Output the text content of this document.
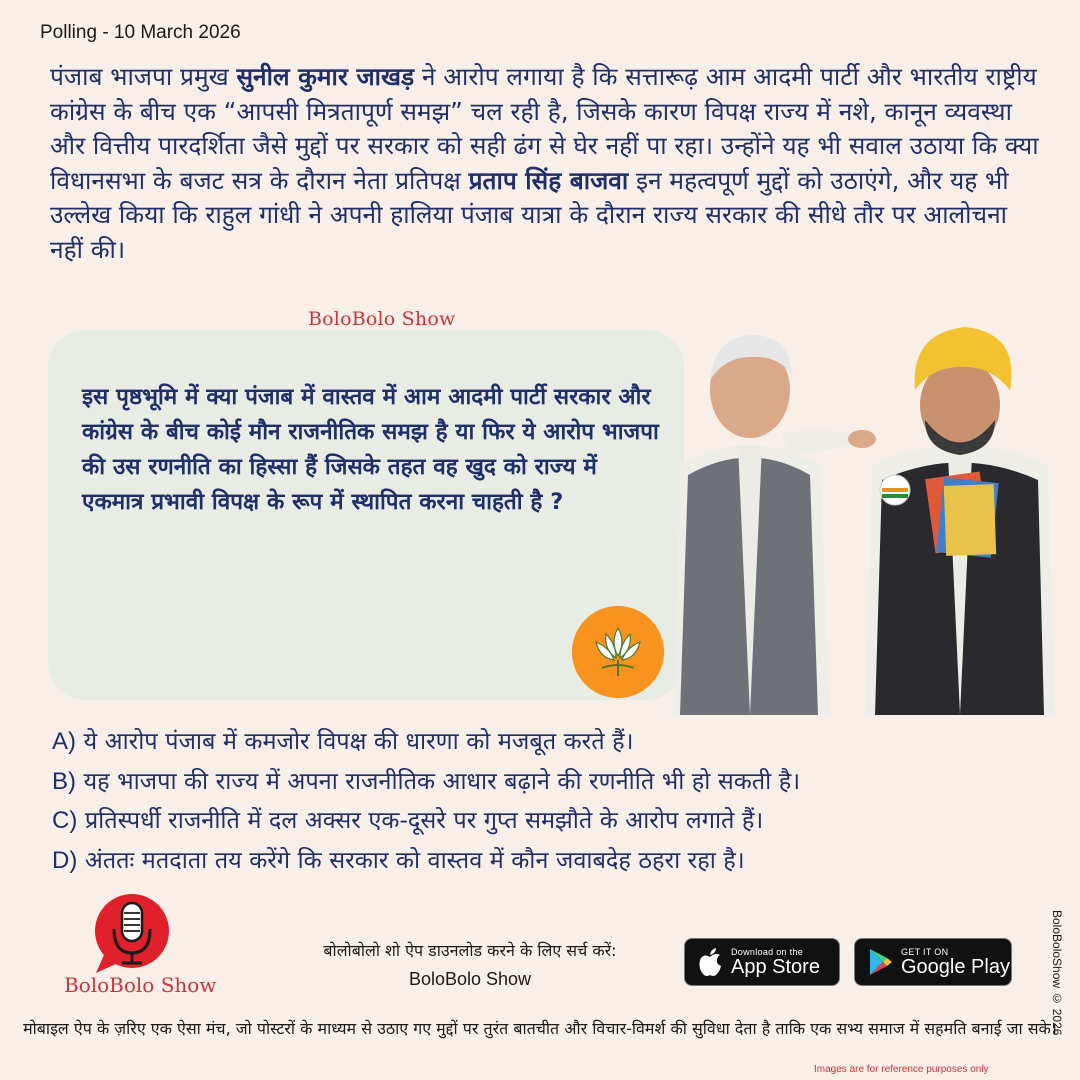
Polling - 10 March 2026
पंजाब भाजपा प्रमुख सुनील कुमार जाखड़ ने आरोप लगाया है कि सत्तारूढ़ आम आदमी पार्टी और भारतीय राष्ट्रीय कांग्रेस के बीच एक “आपसी मित्रतापूर्ण समझ” चल रही है, जिसके कारण विपक्ष राज्य में नशे, कानून व्यवस्था और वित्तीय पारदर्शिता जैसे मुद्दों पर सरकार को सही ढंग से घेर नहीं पा रहा। उन्होंने यह भी सवाल उठाया कि क्या विधानसभा के बजट सत्र के दौरान नेता प्रतिपक्ष प्रताप सिंह बाजवा इन महत्वपूर्ण मुद्दों को उठाएंगे, और यह भी उल्लेख किया कि राहुल गांधी ने अपनी हालिया पंजाब यात्रा के दौरान राज्य सरकार की सीधे तौर पर आलोचना नहीं की।
BoloBolo Show
इस पृष्ठभूमि में क्या पंजाब में वास्तव में आम आदमी पार्टी सरकार और कांग्रेस के बीच कोई मौन राजनीतिक समझ है या फिर ये आरोप भाजपा की उस रणनीति का हिस्सा हैं जिसके तहत वह खुद को राज्य में एकमात्र प्रभावी विपक्ष के रूप में स्थापित करना चाहती है ?
A) ये आरोप पंजाब में कमजोर विपक्ष की धारणा को मजबूत करते हैं।
B) यह भाजपा की राज्य में अपना राजनीतिक आधार बढ़ाने की रणनीति भी हो सकती है।
C) प्रतिस्पर्धी राजनीति में दल अक्सर एक-दूसरे पर गुप्त समझौते के आरोप लगाते हैं।
D) अंततः मतदाता तय करेंगे कि सरकार को वास्तव में कौन जवाबदेह ठहरा रहा है।
BoloBolo Show
बोलोबोलो शो ऐप डाउनलोड करने के लिए सर्च करें:
BoloBolo Show
Download on the
App Store
GET IT ON
Google Play
मोबाइल ऐप के ज़रिए एक ऐसा मंच, जो पोस्टरों के माध्यम से उठाए गए मुद्दों पर तुरंत बातचीत और विचार-विमर्श की सुविधा देता है ताकि एक सभ्य समाज में सहमति बनाई जा सके।
Images are for reference purposes only
BoloBoloShow © 2026
